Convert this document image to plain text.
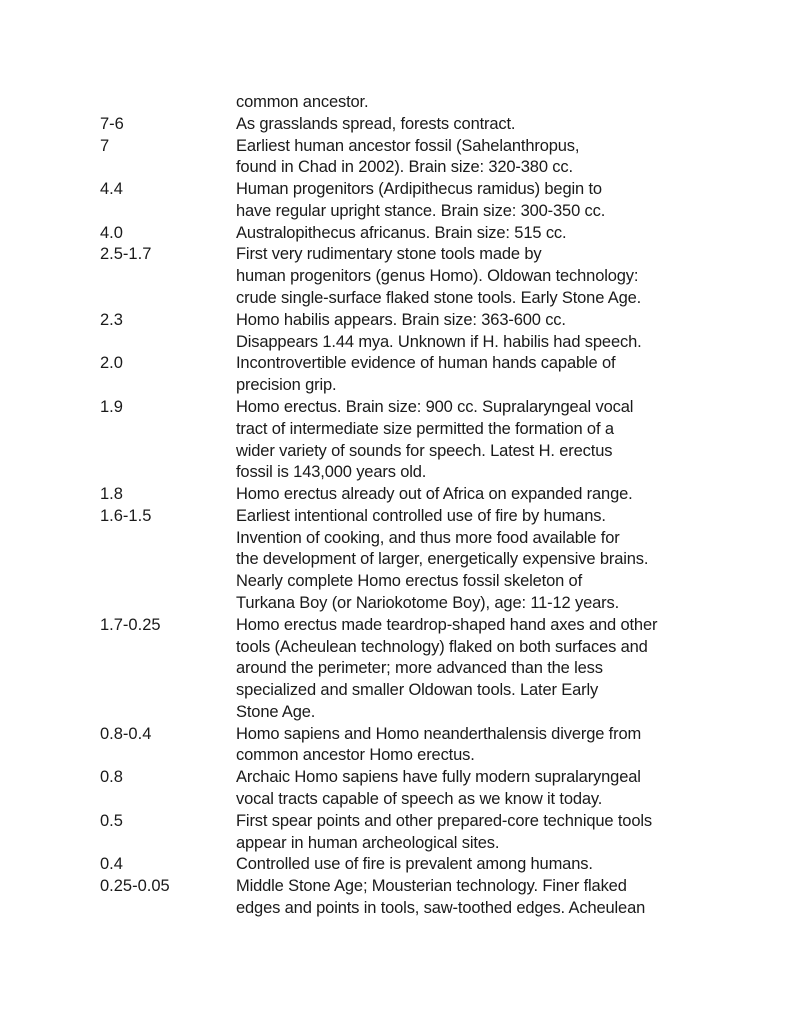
common ancestor.
7-6	As grasslands spread, forests contract.
7	Earliest human ancestor fossil (Sahelanthropus,
found in Chad in 2002). Brain size: 320-380 cc.
4.4	Human progenitors (Ardipithecus ramidus) begin to
have regular upright stance. Brain size: 300-350 cc.
4.0	Australopithecus africanus. Brain size: 515 cc.
2.5-1.7	First very rudimentary stone tools made by
human progenitors (genus Homo). Oldowan technology:
crude single-surface flaked stone tools. Early Stone Age.
2.3	Homo habilis appears. Brain size: 363-600 cc.
Disappears 1.44 mya. Unknown if H. habilis had speech.
2.0	Incontrovertible evidence of human hands capable of
precision grip.
1.9	Homo erectus. Brain size: 900 cc. Supralaryngeal vocal
tract of intermediate size permitted the formation of a
wider variety of sounds for speech. Latest H. erectus
fossil is 143,000 years old.
1.8	Homo erectus already out of Africa on expanded range.
1.6-1.5	Earliest intentional controlled use of fire by humans.
Invention of cooking, and thus more food available for
the development of larger, energetically expensive brains.
Nearly complete Homo erectus fossil skeleton of
Turkana Boy (or Nariokotome Boy), age: 11-12 years.
1.7-0.25	Homo erectus made teardrop-shaped hand axes and other
tools (Acheulean technology) flaked on both surfaces and
around the perimeter; more advanced than the less
specialized and smaller Oldowan tools. Later Early
Stone Age.
0.8-0.4	Homo sapiens and Homo neanderthalensis diverge from
common ancestor Homo erectus.
0.8	Archaic Homo sapiens have fully modern supralaryngeal
vocal tracts capable of speech as we know it today.
0.5	First spear points and other prepared-core technique tools
appear in human archeological sites.
0.4	Controlled use of fire is prevalent among humans.
0.25-0.05	Middle Stone Age; Mousterian technology. Finer flaked
edges and points in tools, saw-toothed edges. Acheulean
